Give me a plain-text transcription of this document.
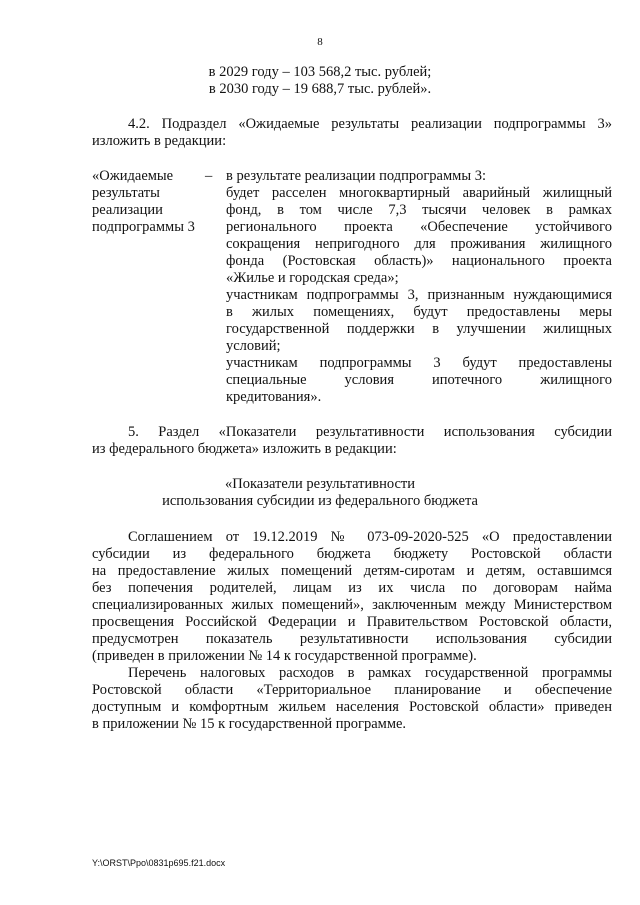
8
в 2029 году – 103 568,2 тыс. рублей;
в 2030 году – 19 688,7 тыс. рублей».
4.2. Подраздел «Ожидаемые результаты реализации подпрограммы 3»
изложить в редакции:
«Ожидаемые
результаты
реализации
подпрограммы 3
– в результате реализации подпрограммы 3:
будет расселен многоквартирный аварийный жилищный
фонд, в том числе 7,3 тысячи человек в рамках
регионального проекта «Обеспечение устойчивого
сокращения непригодного для проживания жилищного
фонда (Ростовская область)» национального проекта
«Жилье и городская среда»;
участникам подпрограммы 3, признанным нуждающимися
в жилых помещениях, будут предоставлены меры
государственной поддержки в улучшении жилищных
условий;
участникам подпрограммы 3 будут предоставлены
специальные условия ипотечного жилищного
кредитования».
5. Раздел «Показатели результативности использования субсидии
из федерального бюджета» изложить в редакции:
«Показатели результативности
использования субсидии из федерального бюджета
Соглашением от 19.12.2019 № 073-09-2020-525 «О предоставлении
субсидии из федерального бюджета бюджету Ростовской области
на предоставление жилых помещений детям-сиротам и детям, оставшимся
без попечения родителей, лицам из их числа по договорам найма
специализированных жилых помещений», заключенным между Министерством
просвещения Российской Федерации и Правительством Ростовской области,
предусмотрен показатель результативности использования субсидии
(приведен в приложении № 14 к государственной программе).
Перечень налоговых расходов в рамках государственной программы
Ростовской области «Территориальное планирование и обеспечение
доступным и комфортным жильем населения Ростовской области» приведен
в приложении № 15 к государственной программе.
Y:\ORST\Ppo\0831p695.f21.docx
